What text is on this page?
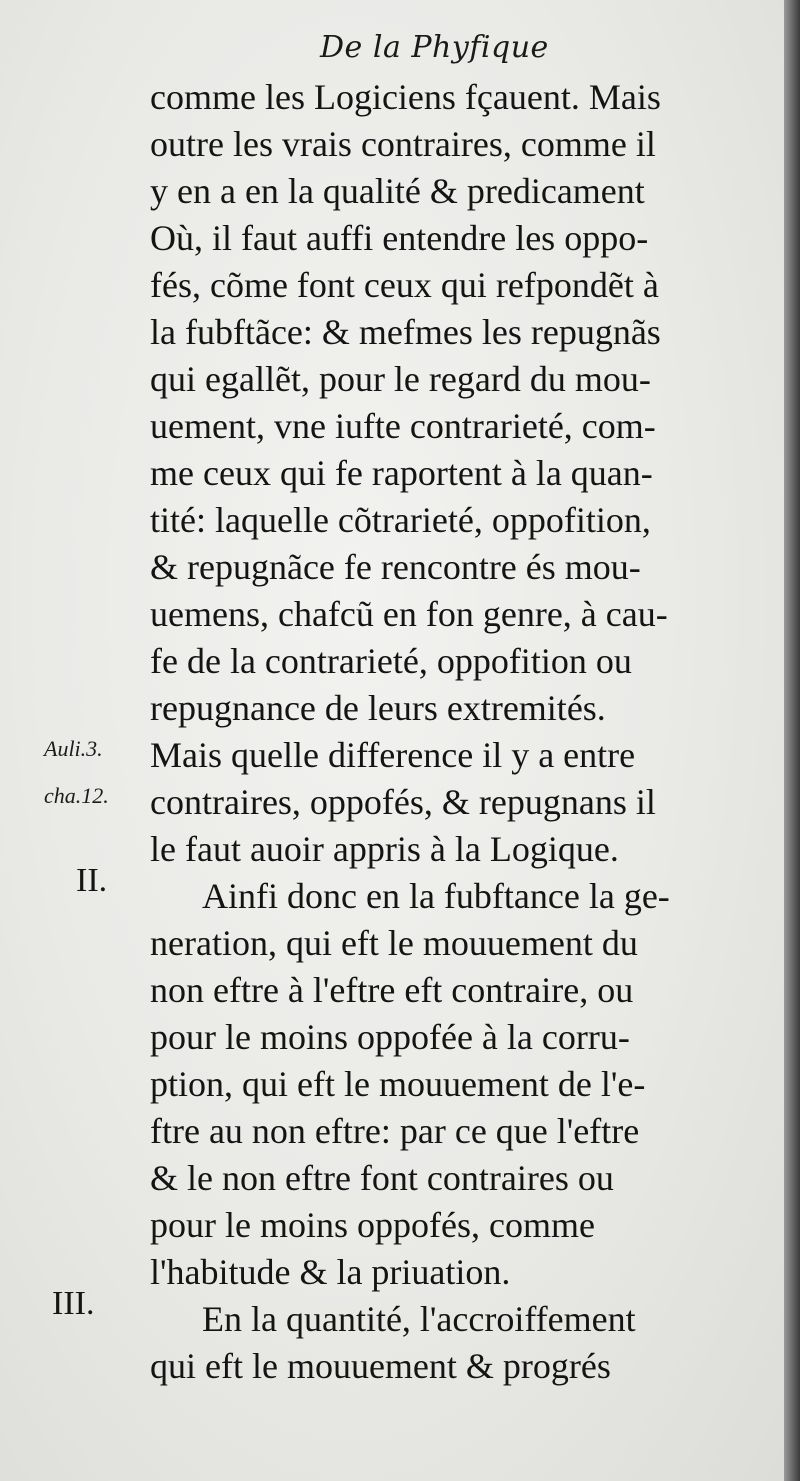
De la Phyfique
Auli.3.
cha.12.
II.
III.
comme les Logiciens fçauent. Mais
outre les vrais contraires, comme il
y en a en la qualité & predicament
Où, il faut auffi entendre les oppo-
fés, cõme font ceux qui refpondẽt à
la fubftãce: & mefmes les repugnãs
qui egallẽt, pour le regard du mou-
uement, vne iufte contrarieté, com-
me ceux qui fe raportent à la quan-
tité: laquelle cõtrarieté, oppofition,
& repugnãce fe rencontre és mou-
uemens, chafcũ en fon genre, à cau-
fe de la contrarieté, oppofition ou
repugnance de leurs extremités.
Mais quelle difference il y a entre
contraires, oppofés, & repugnans il
le faut auoir appris à la Logique.
Ainfi donc en la fubftance la ge-
neration, qui eft le mouuement du
non eftre à l'eftre eft contraire, ou
pour le moins oppofée à la corru-
ption, qui eft le mouuement de l'e-
ftre au non eftre: par ce que l'eftre
& le non eftre font contraires ou
pour le moins oppofés, comme
l'habitude & la priuation.
En la quantité, l'accroiffement
qui eft le mouuement & progrés
